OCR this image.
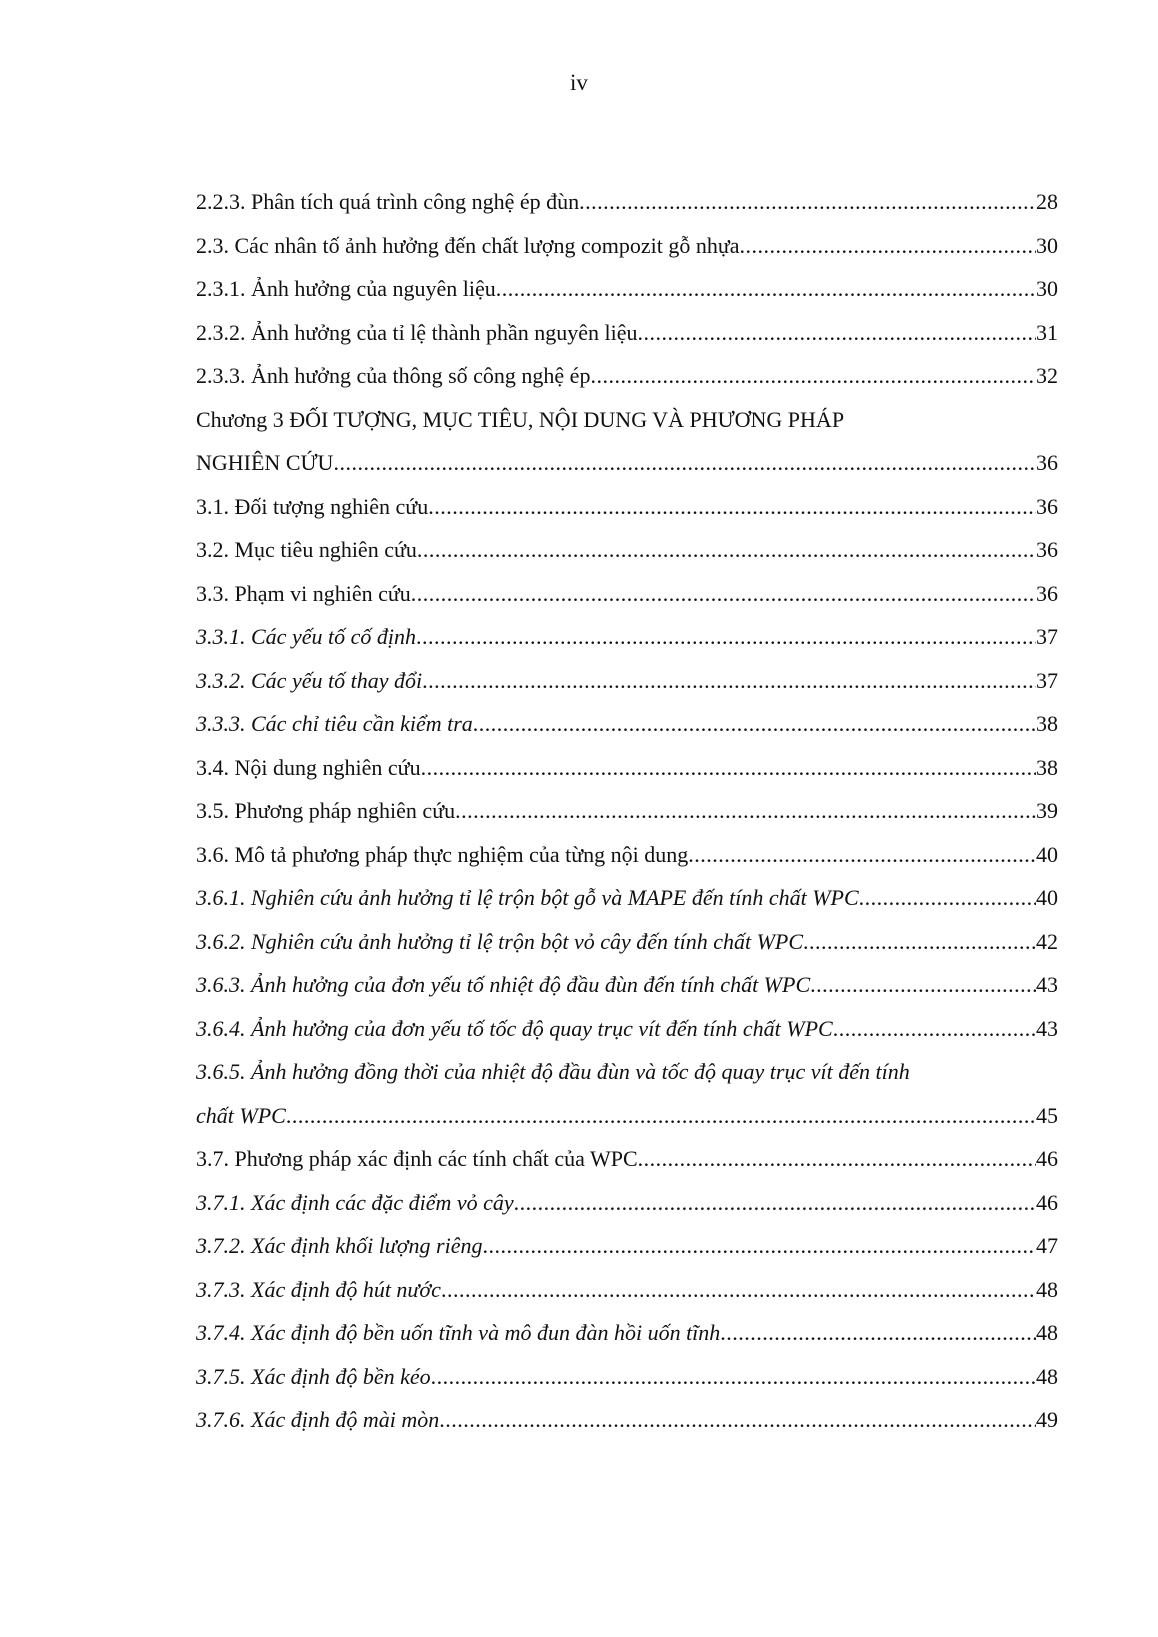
iv
2.2.3. Phân tích quá trình công nghệ ép đùn .....	28
2.3. Các nhân tố ảnh hưởng đến chất lượng compozit gỗ nhựa .....	30
2.3.1. Ảnh hưởng của nguyên liệu .....	30
2.3.2. Ảnh hưởng của tỉ lệ thành phần nguyên liệu .....	31
2.3.3. Ảnh hưởng của thông số công nghệ ép .....	32
Chương 3 ĐỐI TƯỢNG, MỤC TIÊU, NỘI DUNG VÀ PHƯƠNG PHÁP
NGHIÊN CỨU .....	36
3.1. Đối tượng nghiên cứu .....	36
3.2. Mục tiêu nghiên cứu .....	36
3.3. Phạm vi nghiên cứu .....	36
3.3.1. Các yếu tố cố định .....	37
3.3.2. Các yếu tố thay đổi .....	37
3.3.3. Các chỉ tiêu cần kiểm tra .....	38
3.4. Nội dung nghiên cứu .....	38
3.5. Phương pháp nghiên cứu .....	39
3.6. Mô tả phương pháp thực nghiệm của từng nội dung .....	40
3.6.1. Nghiên cứu ảnh hưởng tỉ lệ trộn bột gỗ và MAPE đến tính chất WPC .....	40
3.6.2. Nghiên cứu ảnh hưởng tỉ lệ trộn bột vỏ cây đến tính chất WPC .....	42
3.6.3. Ảnh hưởng của đơn yếu tố nhiệt độ đầu đùn đến tính chất WPC .....	43
3.6.4. Ảnh hưởng của đơn yếu tố tốc độ quay trục vít đến tính chất WPC .....	43
3.6.5. Ảnh hưởng đồng thời của nhiệt độ đầu đùn và tốc độ quay trục vít đến tính
chất WPC .....	45
3.7. Phương pháp xác định các tính chất của WPC .....	46
3.7.1. Xác định các đặc điểm vỏ cây .....	46
3.7.2. Xác định khối lượng riêng .....	47
3.7.3. Xác định độ hút nước .....	48
3.7.4. Xác định độ bền uốn tĩnh và mô đun đàn hồi uốn tĩnh .....	48
3.7.5. Xác định độ bền kéo .....	48
3.7.6. Xác định độ mài mòn .....	49
